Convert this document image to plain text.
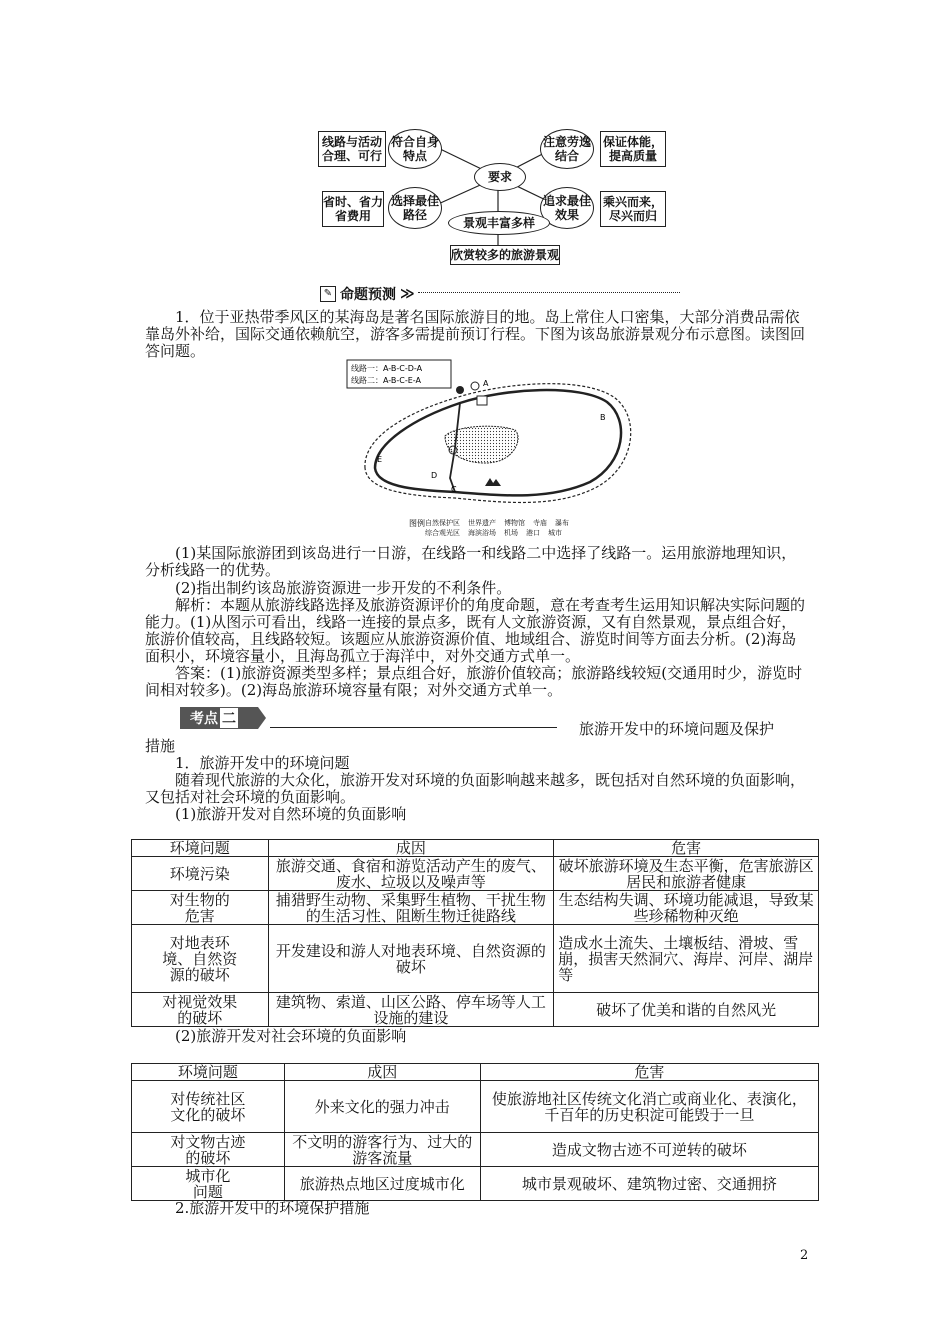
线路与活动合理、可行
符合自身特点
省时、省力省费用
选择最佳路径
要求
注意劳逸结合
保证体能，提高质量
追求最佳效果
乘兴而来，尽兴而归
景观丰富多样
欣赏较多的旅游景观
✎ 命题预测 ≫

1．位于亚热带季风区的某海岛是著名国际旅游目的地。岛上常住人口密集，大部分消费品需依靠岛外补给，国际交通依赖航空，游客多需提前预订行程。下图为该岛旅游景观分布示意图。读图回答问题。

线路一：A-B-C-D-A
线路二：A-B-C-E-A	A
B
C
D
E
图例 自然保护区 世界遗产 博物馆 寺庙 瀑布
综合观光区 海滨浴场 机场 港口 城市

(1)某国际旅游团到该岛进行一日游，在线路一和线路二中选择了线路一。运用旅游地理知识，分析线路一的优势。

(2)指出制约该岛旅游资源进一步开发的不利条件。

解析：本题从旅游线路选择及旅游资源评价的角度命题，意在考查考生运用知识解决实际问题的能力。(1)从图示可看出，线路一连接的景点多，既有人文旅游资源，又有自然景观，景点组合好，旅游价值较高，且线路较短。该题应从旅游资源价值、地域组合、游览时间等方面去分析。(2)海岛面积小，环境容量小，且海岛孤立于海洋中，对外交通方式单一。

答案：(1)旅游资源类型多样；景点组合好，旅游价值较高；旅游路线较短(交通用时少，游览时间相对较多)。(2)海岛旅游环境容量有限；对外交通方式单一。

考点 二
旅游开发中的环境问题及保护
措施
1．旅游开发中的环境问题

随着现代旅游的大众化，旅游开发对环境的负面影响越来越多，既包括对自然环境的负面影响，又包括对社会环境的负面影响。

(1)旅游开发对自然环境的负面影响
环境问题	成因	危害
环境污染	旅游交通、食宿和游览活动产生的废气、废水、垃圾以及噪声等	破坏旅游环境及生态平衡，危害旅游区居民和旅游者健康
对生物的危害	捕猎野生动物、采集野生植物、干扰生物的生活习性、阻断生物迁徙路线	生态结构失调、环境功能减退，导致某些珍稀物种灭绝
对地表环境、自然资源的破坏	开发建设和游人对地表环境、自然资源的破坏	造成水土流失、土壤板结、滑坡、雪崩，损害天然洞穴、海岸、河岸、湖岸等
对视觉效果的破坏	建筑物、索道、山区公路、停车场等人工设施的建设	破坏了优美和谐的自然风光
(2)旅游开发对社会环境的负面影响
环境问题	成因	危害
对传统社区文化的破坏	外来文化的强力冲击	使旅游地社区传统文化消亡或商业化、表演化，千百年的历史积淀可能毁于一旦
对文物古迹的破坏	不文明的游客行为、过大的游客流量	造成文物古迹不可逆转的破坏
城市化问题	旅游热点地区过度城市化	城市景观破坏、建筑物过密、交通拥挤
2.旅游开发中的环境保护措施
2
